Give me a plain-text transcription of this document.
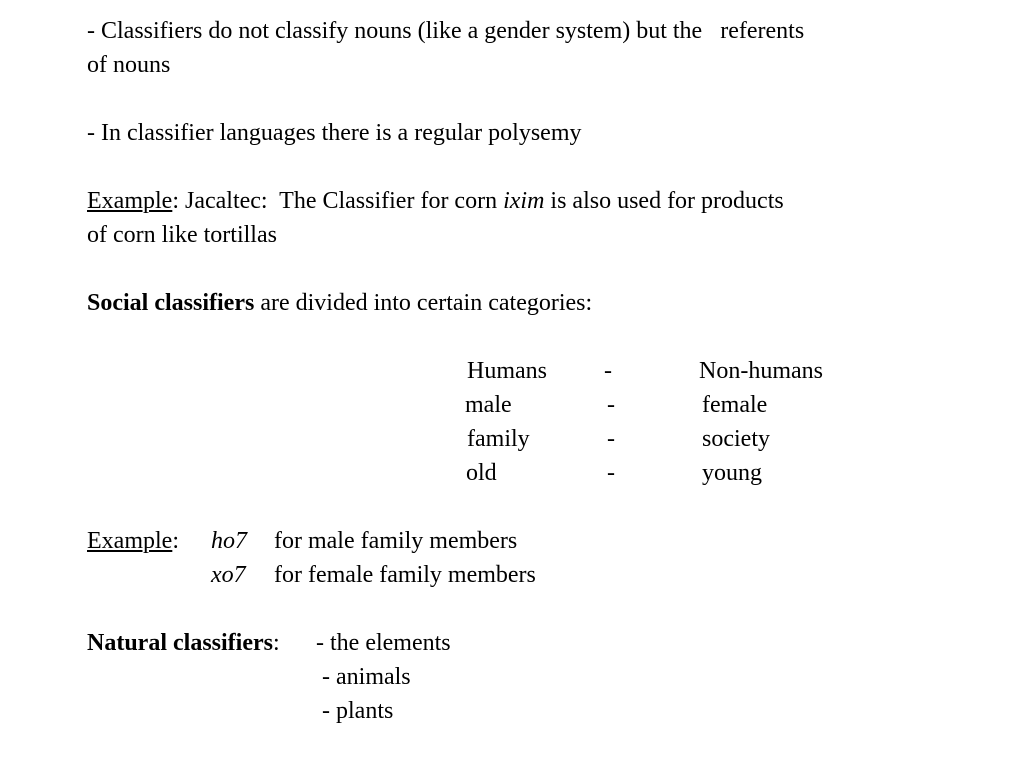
- Classifiers do not classify nouns (like a gender system) but the   referents

of nouns

- In classifier languages there is a regular polysemy

Example: Jacaltec:  The Classifier for corn ixim is also used for products

of corn like tortillas

Social classifiers are divided into certain categories:

Humans -	Non-humans
male	-	female
family	-	society
old	-	young

Example: ho7 for male family members
xo7 for female family members

Natural classifiers: - the elements
- animals
- plants
